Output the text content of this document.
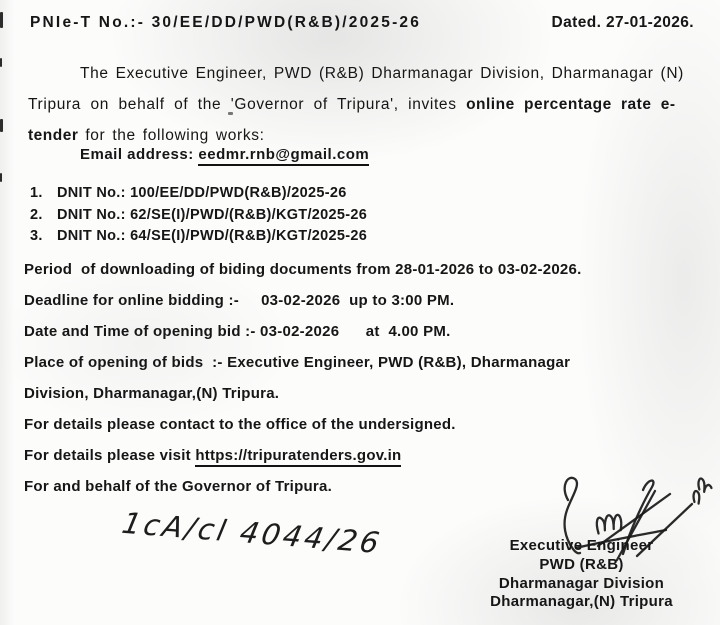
PNIe-T No.:- 30/EE/DD/PWD(R&B)/2025-26	Dated. 27-01-2026.

The Executive Engineer, PWD (R&B) Dharmanagar Division, Dharmanagar (N)
Tripura on behalf of the 'Governor of Tripura', invites online percentage rate e-
tender for the following works:

Email address: eedmr.rnb@gmail.com
1. DNIT No.: 100/EE/DD/PWD(R&B)/2025-26
2. DNIT No.: 62/SE(I)/PWD/(R&B)/KGT/2025-26
3. DNIT No.: 64/SE(I)/PWD/(R&B)/KGT/2025-26

Period  of downloading of biding documents from 28-01-2026 to 03-02-2026.

Deadline for online bidding :-     03-02-2026  up to 3:00 PM.

Date and Time of opening bid :- 03-02-2026      at  4.00 PM.

Place of opening of bids  :- Executive Engineer, PWD (R&B), Dharmanagar

Division, Dharmanagar,(N) Tripura.

For details please contact to the office of the undersigned.

For details please visit https://tripuratenders.gov.in

For and behalf of the Governor of Tripura.

1cA/cl 4044/26	Executive Engineer
PWD (R&B)
Dharmanagar Division
Dharmanagar,(N) Tripura
